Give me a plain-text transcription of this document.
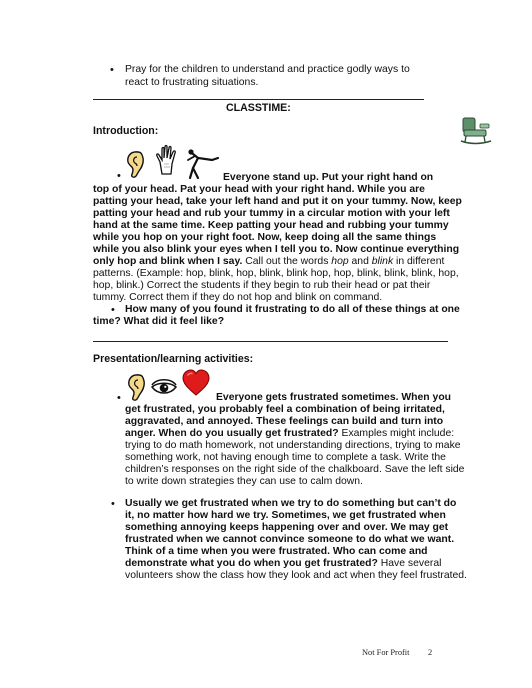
• Pray for the children to understand and practice godly ways to
react to frustrating situations.
CLASSTIME:
Introduction:
•	Everyone stand up. Put your right hand on
top of your head. Pat your head with your right hand. While you are
patting your head, take your left hand and put it on your tummy. Now, keep
patting your head and rub your tummy in a circular motion with your left
hand at the same time. Keep patting your head and rubbing your tummy
while you hop on your right foot. Now, keep doing all the same things
while you also blink your eyes when I tell you to. Now continue everything
only hop and blink when I say. Call out the words hop and blink in different
patterns. (Example: hop, blink, hop, blink, blink hop, hop, blink, blink, blink, hop,
hop, blink.) Correct the students if they begin to rub their head or pat their
tummy. Correct them if they do not hop and blink on command.
• How many of you found it frustrating to do all of these things at one
time? What did it feel like?
Presentation/learning activities:
•	Everyone gets frustrated sometimes. When you
get frustrated, you probably feel a combination of being irritated,
aggravated, and annoyed. These feelings can build and turn into
anger. When do you usually get frustrated? Examples might include:
trying to do math homework, not understanding directions, trying to make
something work, not having enough time to complete a task. Write the
children’s responses on the right side of the chalkboard. Save the left side
to write down strategies they can use to calm down.
• Usually we get frustrated when we try to do something but can’t do
it, no matter how hard we try. Sometimes, we get frustrated when
something annoying keeps happening over and over. We may get
frustrated when we cannot convince someone to do what we want.
Think of a time when you were frustrated. Who can come and
demonstrate what you do when you get frustrated? Have several
volunteers show the class how they look and act when they feel frustrated.
Not For Profit 2
